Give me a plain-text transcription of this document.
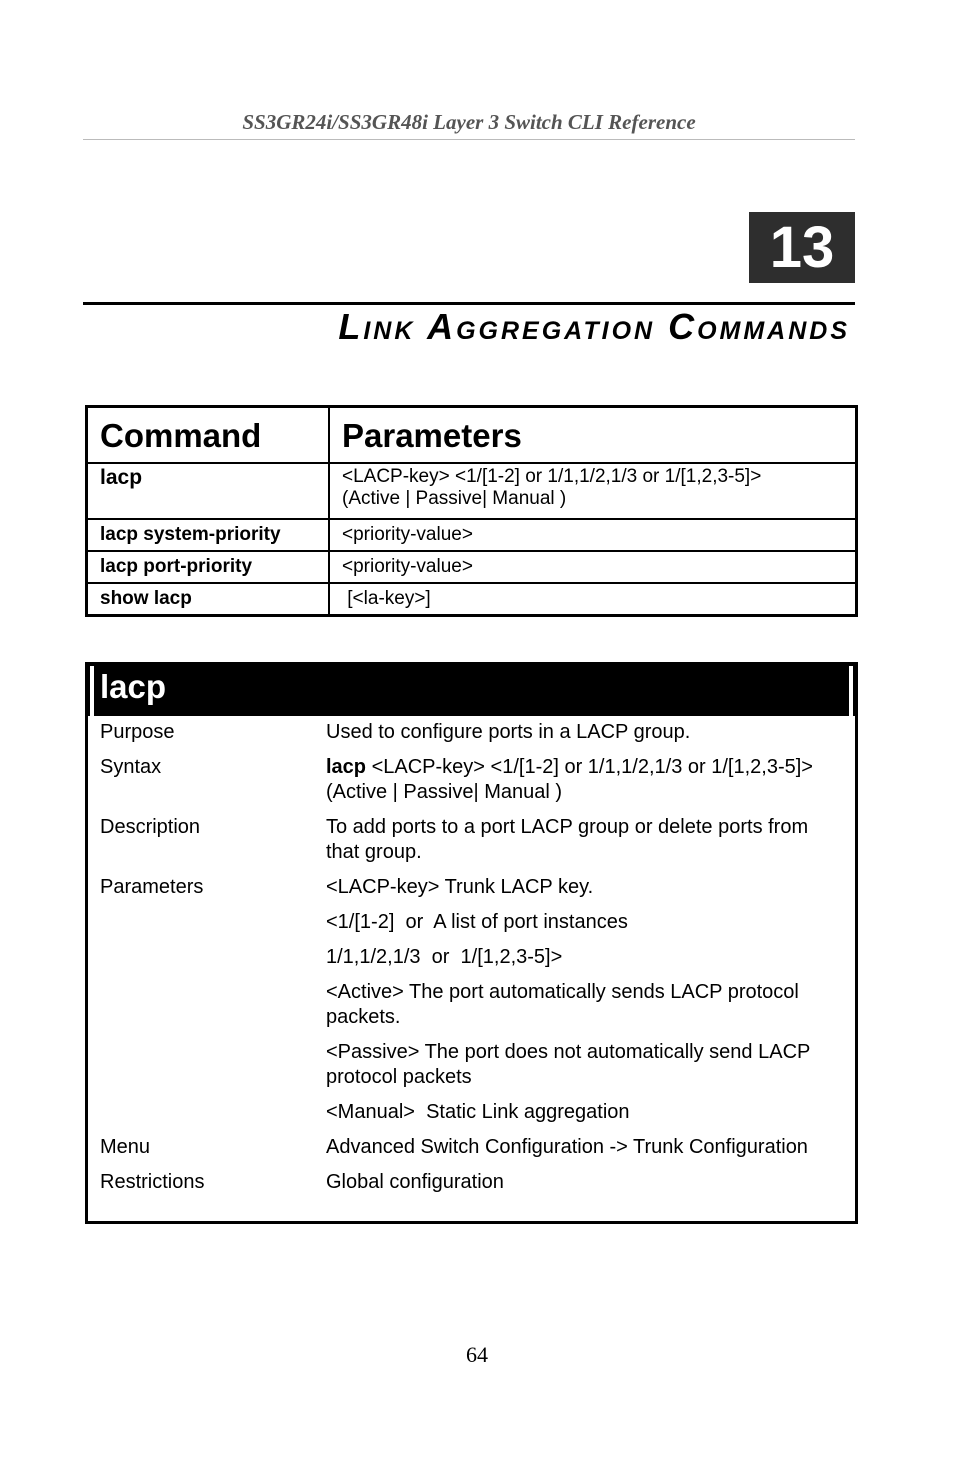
SS3GR24i/SS3GR48i Layer 3 Switch CLI Reference
13
Link Aggregation Commands
Command	Parameters
lacp	<LACP-key> <1/[1-2] or 1/1,1/2,1/3 or 1/[1,2,3-5]>
(Active | Passive| Manual )

lacp system-priority	<priority-value>
lacp port-priority	<priority-value>
show lacp	[<la-key>]
lacp
Purpose	Used to configure ports in a LACP group.
Syntax	lacp <LACP-key> <1/[1-2] or 1/1,1/2,1/3 or 1/[1,2,3-5]> (Active | Passive| Manual )
Description	To add ports to a port LACP group or delete ports from that group.
Parameters	<LACP-key> Trunk LACP key.
<1/[1-2]  or  A list of port instances
1/1,1/2,1/3  or  1/[1,2,3-5]>
<Active> The port automatically sends LACP protocol packets.
<Passive> The port does not automatically send LACP protocol packets
<Manual>  Static Link aggregation
Menu	Advanced Switch Configuration -> Trunk Configuration
Restrictions	Global configuration
64
